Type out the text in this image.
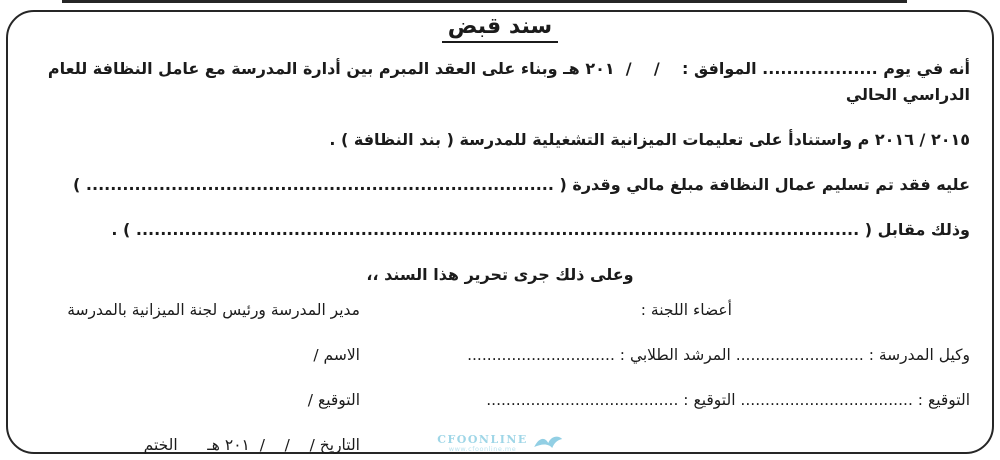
سند قبض

أنه في يوم ................... الموافق :    /    /  ٢٠١ هـ وبناء على العقد المبرم بين أدارة المدرسة مع عامل النظافة للعام الدراسي الحالي

٢٠١٥ / ٢٠١٦ م واستنادأ على تعليمات الميزانية التشغيلية للمدرسة ( بند النظافة ) .

عليه فقد تم تسليم عمال النظافة مبلغ مالي وقدرة ( ............................................................................. )

وذلك مقابل ( ....................................................................................................................... ) .

وعلى ذلك جرى تحرير هذا السند ،،

مدير المدرسة ورئيس لجنة الميزانية بالمدرسة	أعضاء اللجنة :
الاسم /	وكيل المدرسة : .......................... المرشد الطلابي : ..............................
التوقيع /	التوقيع : ................................... التوقيع : .......................................
التاريخ /    /    /  ٢٠١ هـ      الختم	CFOONLINE
www.cfoonline.me
